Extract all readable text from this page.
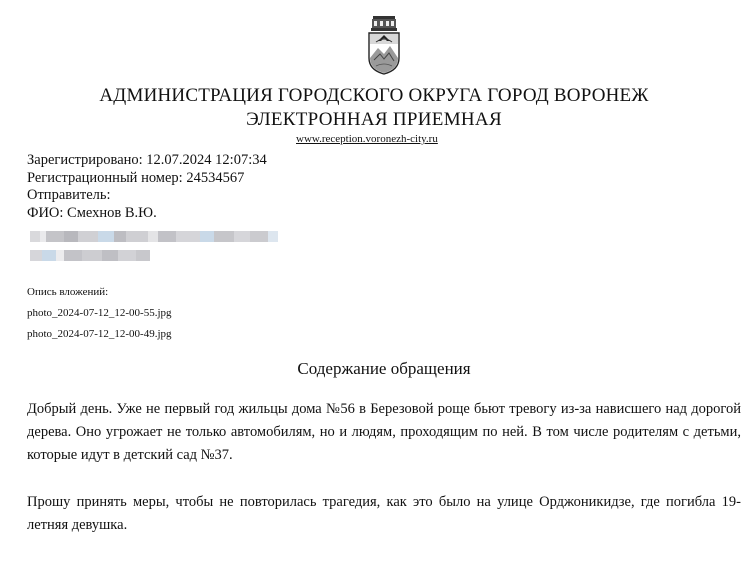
АДМИНИСТРАЦИЯ ГОРОДСКОГО ОКРУГА ГОРОД ВОРОНЕЖ
ЭЛЕКТРОННАЯ ПРИЕМНАЯ
www.reception.voronezh-city.ru
Зарегистрировано: 12.07.2024 12:07:34
Регистрационный номер: 24534567
Отправитель:
ФИО: Смехнов В.Ю.
Опись вложений:
photo_2024-07-12_12-00-55.jpg
photo_2024-07-12_12-00-49.jpg
Содержание обращения

Добрый день. Уже не первый год жильцы дома №56 в Березовой роще бьют тревогу из-за нависшего над дорогой дерева. Оно угрожает не только автомобилям, но и людям, проходящим по ней. В том числе родителям с детьми, которые идут в детский сад №37.

Прошу принять меры, чтобы не повторилась трагедия, как это было на улице Орджоникидзе, где погибла 19-летняя девушка.
